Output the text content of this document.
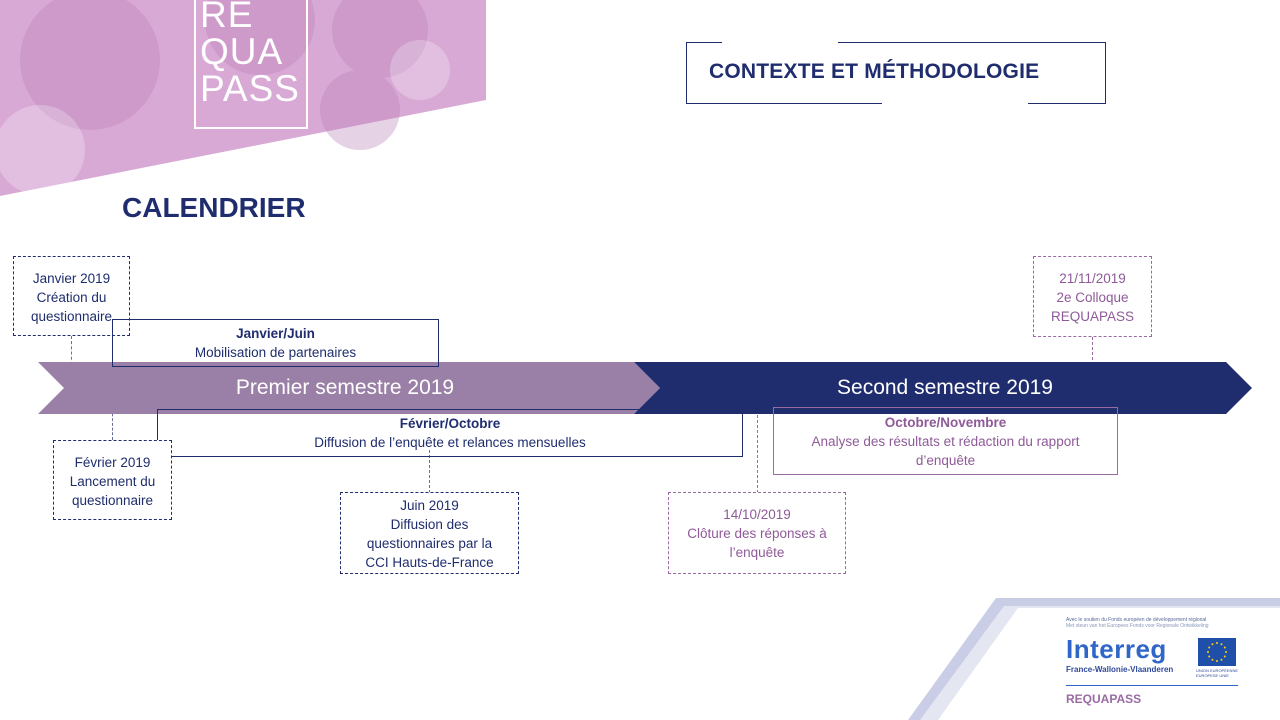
RE
QUA
PASS	CONTEXTE ET MÉTHODOLOGIE
CALENDRIER
Premier semestre 2019	Second semestre 2019
Janvier 2019
Création du
questionnaire
Janvier/Juin
Mobilisation de partenaires
Février/Octobre
Diffusion de l’enquête et relances mensuelles
Février 2019
Lancement du
questionnaire	Juin 2019
Diffusion des
questionnaires par la
CCI Hauts-de-France
Octobre/Novembre
Analyse des résultats et rédaction du rapport
d’enquête
14/10/2019
Clôture des réponses à
l’enquête
21/11/2019
2e Colloque
REQUAPASS
Avec le soutien du Fonds européen de développement régional
Met steun van het Europees Fonds voor Regionale Ontwikkeling
Interreg
France-Wallonie-Vlaanderen	UNION EUROPÉENNE
EUROPESE UNIE
REQUAPASS
